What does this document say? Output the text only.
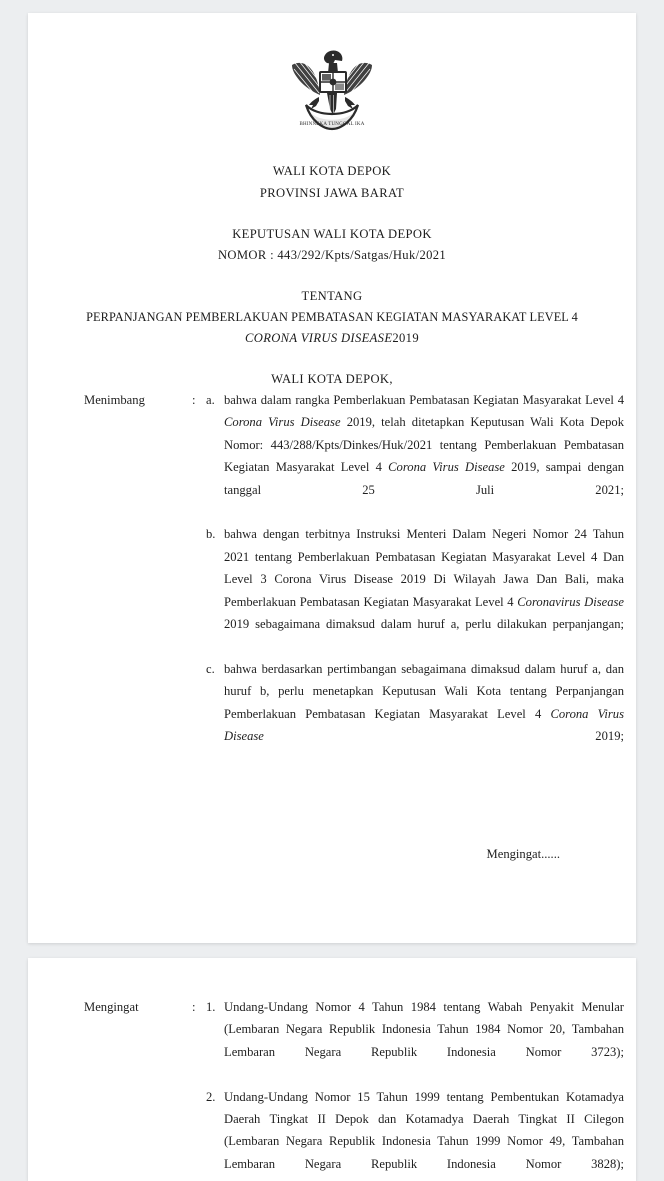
BHINNEKA TUNGGAL IKA
WALI KOTA DEPOK
PROVINSI JAWA BARAT
KEPUTUSAN WALI KOTA DEPOK
NOMOR : 443/292/Kpts/Satgas/Huk/2021
TENTANG
PERPANJANGAN PEMBERLAKUAN PEMBATASAN KEGIATAN MASYARAKAT LEVEL 4
CORONA VIRUS DISEASE2019
WALI KOTA DEPOK,
Menimbang	: a. bahwa dalam rangka Pemberlakuan Pembatasan Kegiatan Masyarakat Level 4 Corona Virus Disease 2019, telah ditetapkan Keputusan Wali Kota Depok Nomor: 443/288/Kpts/Dinkes/Huk/2021 tentang Pemberlakuan Pembatasan Kegiatan Masyarakat Level 4 Corona Virus Disease 2019, sampai dengan tanggal 25 Juli 2021;
b. bahwa dengan terbitnya Instruksi Menteri Dalam Negeri Nomor 24 Tahun 2021 tentang Pemberlakuan Pembatasan Kegiatan Masyarakat Level 4 Dan Level 3 Corona Virus Disease 2019 Di Wilayah Jawa Dan Bali, maka Pemberlakuan Pembatasan Kegiatan Masyarakat Level 4 Coronavirus Disease 2019 sebagaimana dimaksud dalam huruf a, perlu dilakukan perpanjangan;
c. bahwa berdasarkan pertimbangan sebagaimana dimaksud dalam huruf a, dan huruf b, perlu menetapkan Keputusan Wali Kota tentang Perpanjangan Pemberlakuan Pembatasan Kegiatan Masyarakat Level 4 Corona Virus Disease 2019;
Mengingat......
Mengingat	: 1. Undang-Undang Nomor 4 Tahun 1984 tentang Wabah Penyakit Menular (Lembaran Negara Republik Indonesia Tahun 1984 Nomor 20, Tambahan Lembaran Negara Republik Indonesia Nomor 3723);
2. Undang-Undang Nomor 15 Tahun 1999 tentang Pembentukan Kotamadya Daerah Tingkat II Depok dan Kotamadya Daerah Tingkat II Cilegon (Lembaran Negara Republik Indonesia Tahun 1999 Nomor 49, Tambahan Lembaran Negara Republik Indonesia Nomor 3828);
